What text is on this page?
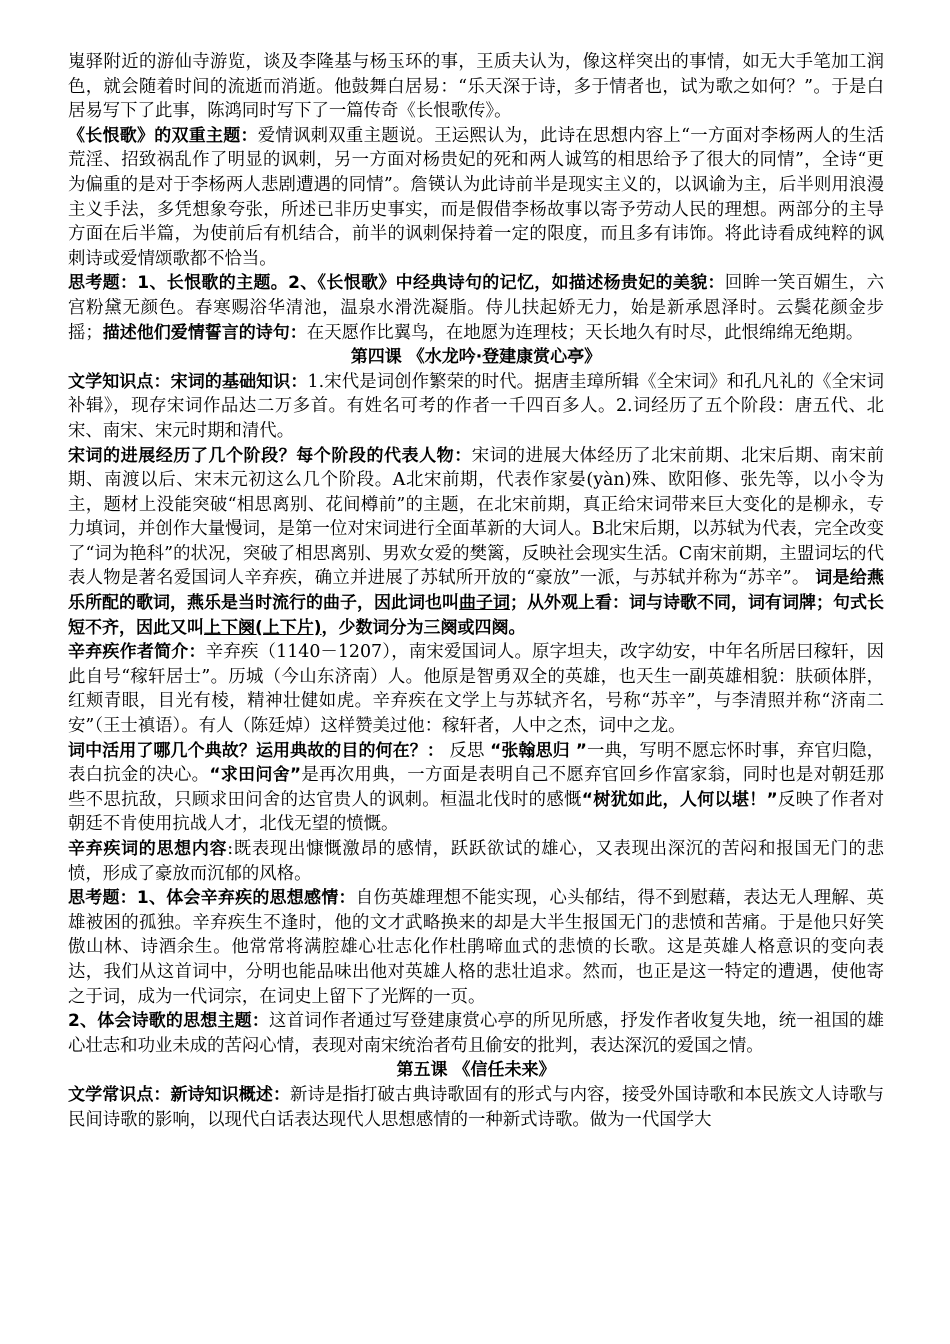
嵬驿附近的游仙寺游览，谈及李隆基与杨玉环的事，王质夫认为，像这样突出的事情，如无大手笔加工润色，就会随着时间的流逝而消逝。他鼓舞白居易：“乐天深于诗，多于情者也，试为歌之如何？”。于是白居易写下了此事，陈鸿同时写下了一篇传奇《长恨歌传》。

《长恨歌》的双重主题：爱情讽刺双重主题说。王运熙认为，此诗在思想内容上“一方面对李杨两人的生活荒淫、招致祸乱作了明显的讽刺，另一方面对杨贵妃的死和两人诚笃的相思给予了很大的同情”，全诗“更为偏重的是对于李杨两人悲剧遭遇的同情”。詹锳认为此诗前半是现实主义的，以讽谕为主，后半则用浪漫主义手法，多凭想象夸张，所述已非历史事实，而是假借李杨故事以寄予劳动人民的理想。两部分的主导方面在后半篇，为使前后有机结合，前半的讽刺保持着一定的限度，而且多有讳饰。将此诗看成纯粹的讽刺诗或爱情颂歌都不恰当。

思考题：1、长恨歌的主题。2、《长恨歌》中经典诗句的记忆，如描述杨贵妃的美貌：回眸一笑百媚生，六宫粉黛无颜色。春寒赐浴华清池，温泉水滑洗凝脂。侍儿扶起娇无力，始是新承恩泽时。云鬓花颜金步摇；描述他们爱情誓言的诗句：在天愿作比翼鸟，在地愿为连理枝；天长地久有时尽，此恨绵绵无绝期。

第四课 《水龙吟·登建康赏心亭》

文学知识点：宋词的基础知识：1.宋代是词创作繁荣的时代。据唐圭璋所辑《全宋词》和孔凡礼的《全宋词补辑》，现存宋词作品达二万多首。有姓名可考的作者一千四百多人。2.词经历了五个阶段：唐五代、北宋、南宋、宋元时期和清代。

宋词的进展经历了几个阶段？每个阶段的代表人物：宋词的进展大体经历了北宋前期、北宋后期、南宋前期、南渡以后、宋末元初这么几个阶段。A北宋前期，代表作家晏(yàn)殊、欧阳修、张先等，以小令为主，题材上没能突破“相思离别、花间樽前”的主题，在北宋前期，真正给宋词带来巨大变化的是柳永，专力填词，并创作大量慢词，是第一位对宋词进行全面革新的大词人。B北宋后期，以苏轼为代表，完全改变了“词为艳科”的状况，突破了相思离别、男欢女爱的樊篱，反映社会现实生活。C南宋前期，主盟词坛的代表人物是著名爱国词人辛弃疾，确立并进展了苏轼所开放的“豪放”一派，与苏轼并称为“苏辛”。 词是给燕乐所配的歌词，燕乐是当时流行的曲子，因此词也叫曲子词；从外观上看：词与诗歌不同，词有词牌；句式长短不齐，因此又叫上下阕(上下片)，少数词分为三阕或四阕。

辛弃疾作者简介：辛弃疾（1140－1207），南宋爱国词人。原字坦夫，改字幼安，中年名所居曰稼轩，因此自号“稼轩居士”。历城（今山东济南）人。他原是智勇双全的英雄，也天生一副英雄相貌：肤硕体胖，红颊青眼，目光有棱，精神壮健如虎。辛弃疾在文学上与苏轼齐名，号称“苏辛”，与李清照并称“济南二安”（王士禛语）。有人（陈廷焯）这样赞美过他：稼轩者，人中之杰，词中之龙。

词中活用了哪几个典故？运用典故的目的何在？： 反思 “张翰思归 ”一典，写明不愿忘怀时事，弃官归隐，表白抗金的决心。“求田问舍”是再次用典，一方面是表明自己不愿弃官回乡作富家翁，同时也是对朝廷那些不思抗敌，只顾求田问舍的达官贵人的讽刺。桓温北伐时的感慨“树犹如此，人何以堪！”反映了作者对朝廷不肯使用抗战人才，北伐无望的愤慨。

辛弃疾词的思想内容:既表现出慷慨激昂的感情，跃跃欲试的雄心，又表现出深沉的苦闷和报国无门的悲愤，形成了豪放而沉郁的风格。

思考题：1、体会辛弃疾的思想感情：自伤英雄理想不能实现，心头郁结，得不到慰藉，表达无人理解、英雄被困的孤独。辛弃疾生不逢时，他的文才武略换来的却是大半生报国无门的悲愤和苦痛。于是他只好笑傲山林、诗酒余生。他常常将满腔雄心壮志化作杜鹃啼血式的悲愤的长歌。这是英雄人格意识的变向表达，我们从这首词中，分明也能品味出他对英雄人格的悲壮追求。然而，也正是这一特定的遭遇，使他寄之于词，成为一代词宗，在词史上留下了光辉的一页。

2、体会诗歌的思想主题：这首词作者通过写登建康赏心亭的所见所感，抒发作者收复失地，统一祖国的雄心壮志和功业未成的苦闷心情，表现对南宋统治者苟且偷安的批判，表达深沉的爱国之情。

第五课 《信任未来》

文学常识点：新诗知识概述：新诗是指打破古典诗歌固有的形式与内容，接受外国诗歌和本民族文人诗歌与民间诗歌的影响，以现代白话表达现代人思想感情的一种新式诗歌。做为一代国学大
